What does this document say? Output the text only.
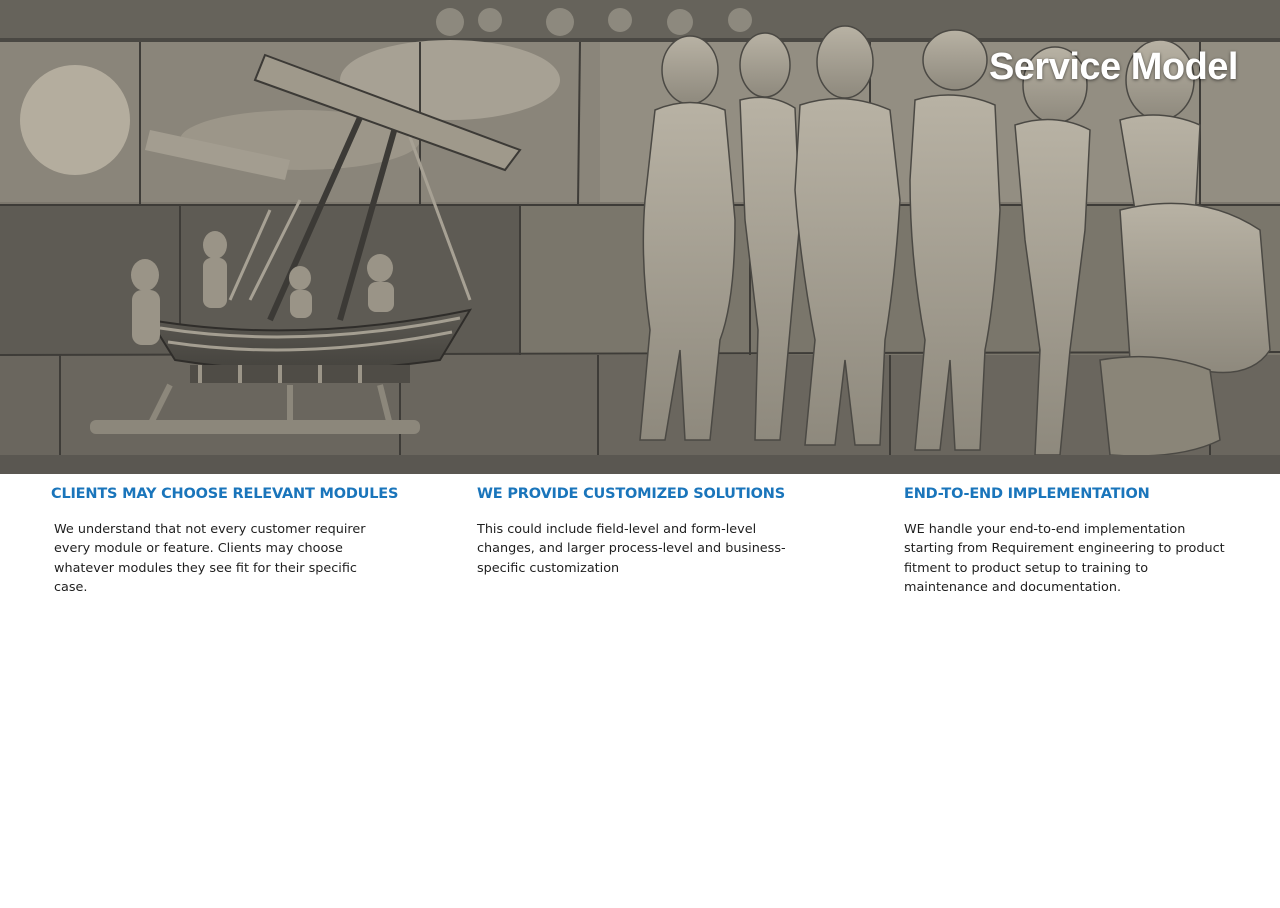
Service Model
CLIENTS MAY CHOOSE RELEVANT MODULES

We understand that not every customer requirer every module or feature. Clients may choose whatever modules they see fit for their specific case.

WE PROVIDE CUSTOMIZED SOLUTIONS

This could include field-level and form-level changes, and larger process-level and business-specific customization

END-TO-END IMPLEMENTATION

WE handle your end-to-end implementation starting from Requirement engineering to product fitment to product setup to training to maintenance and documentation.
